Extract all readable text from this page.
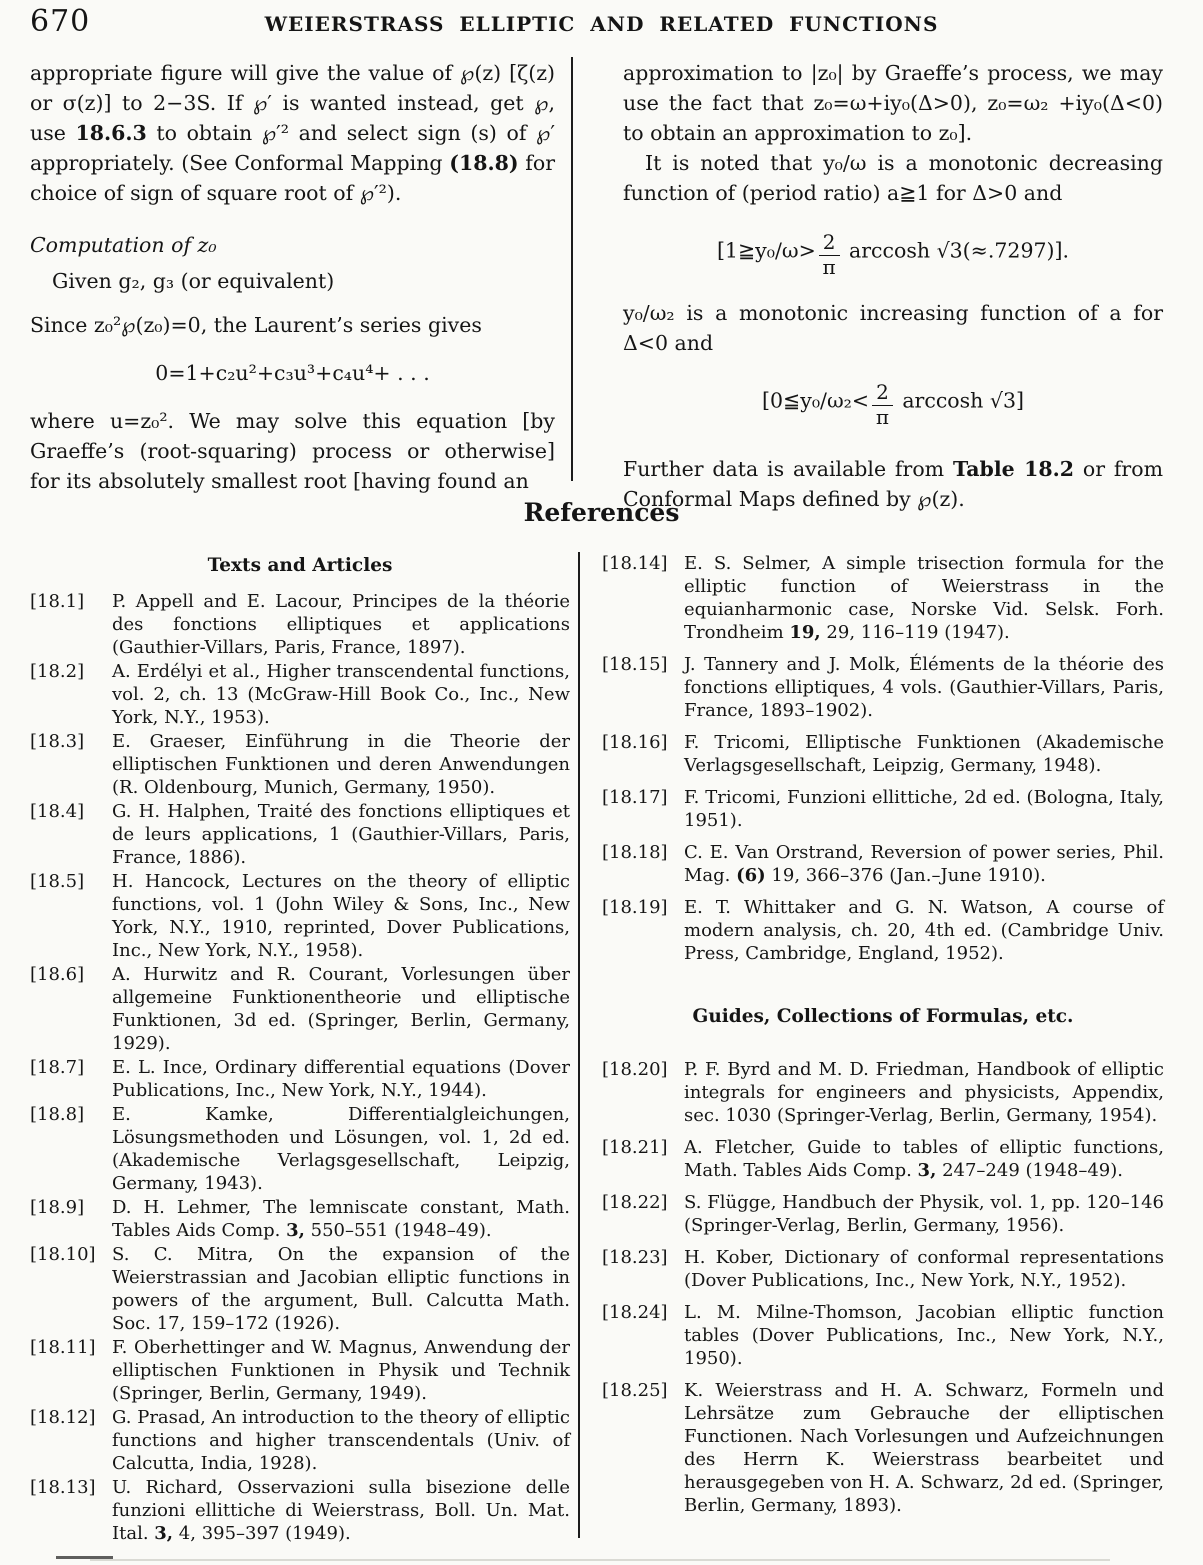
670	WEIERSTRASS ELLIPTIC AND RELATED FUNCTIONS

appropriate figure will give the value of ℘(z) [ζ(z) or σ(z)] to 2−3S. If ℘′ is wanted instead, get ℘, use 18.6.3 to obtain ℘′² and select sign (s) of ℘′ appropriately. (See Conformal Mapping (18.8) for choice of sign of square root of ℘′²).

Computation of z₀

Given g₂, g₃ (or equivalent)

Since z₀²℘(z₀)=0, the Laurent’s series gives

0=1+c₂u²+c₃u³+c₄u⁴+ . . .

where u=z₀². We may solve this equation [by Graeffe’s (root-squaring) process or otherwise] for its absolutely smallest root [having found an

approximation to |z₀| by Graeffe’s process, we may use the fact that z₀=ω+iy₀(Δ>0), z₀=ω₂ +iy₀(Δ<0) to obtain an approximation to z₀].

It is noted that y₀/ω is a monotonic decreasing function of (period ratio) a≧1 for Δ>0 and

[1≧y₀/ω> $\frac{2}{\pi}$ arccosh √3(≈.7297)].

y₀/ω₂ is a monotonic increasing function of a for Δ<0 and

[0≦y₀/ω₂< $\frac{2}{\pi}$ arccosh √3]

Further data is available from Table 18.2 or from Conformal Maps defined by ℘(z).

References
Texts and Articles
[18.1] P. Appell and E. Lacour, Principes de la théorie des fonctions elliptiques et applications (Gauthier-Villars, Paris, France, 1897).
[18.2] A. Erdélyi et al., Higher transcendental functions, vol. 2, ch. 13 (McGraw-Hill Book Co., Inc., New York, N.Y., 1953).
[18.3] E. Graeser, Einführung in die Theorie der elliptischen Funktionen und deren Anwendungen (R. Oldenbourg, Munich, Germany, 1950).
[18.4] G. H. Halphen, Traité des fonctions elliptiques et de leurs applications, 1 (Gauthier-Villars, Paris, France, 1886).
[18.5] H. Hancock, Lectures on the theory of elliptic functions, vol. 1 (John Wiley & Sons, Inc., New York, N.Y., 1910, reprinted, Dover Publications, Inc., New York, N.Y., 1958).
[18.6] A. Hurwitz and R. Courant, Vorlesungen über allgemeine Funktionentheorie und elliptische Funktionen, 3d ed. (Springer, Berlin, Germany, 1929).
[18.7] E. L. Ince, Ordinary differential equations (Dover Publications, Inc., New York, N.Y., 1944).
[18.8] E. Kamke, Differentialgleichungen, Lösungsmethoden und Lösungen, vol. 1, 2d ed. (Akademische Verlagsgesellschaft, Leipzig, Germany, 1943).
[18.9] D. H. Lehmer, The lemniscate constant, Math. Tables Aids Comp. 3, 550–551 (1948–49).
[18.10] S. C. Mitra, On the expansion of the Weierstrassian and Jacobian elliptic functions in powers of the argument, Bull. Calcutta Math. Soc. 17, 159–172 (1926).
[18.11] F. Oberhettinger and W. Magnus, Anwendung der elliptischen Funktionen in Physik und Technik (Springer, Berlin, Germany, 1949).
[18.12] G. Prasad, An introduction to the theory of elliptic functions and higher transcendentals (Univ. of Calcutta, India, 1928).
[18.13] U. Richard, Osservazioni sulla bisezione delle funzioni ellittiche di Weierstrass, Boll. Un. Mat. Ital. 3, 4, 395–397 (1949).
[18.14] E. S. Selmer, A simple trisection formula for the elliptic function of Weierstrass in the equianharmonic case, Norske Vid. Selsk. Forh. Trondheim 19, 29, 116–119 (1947).
[18.15] J. Tannery and J. Molk, Éléments de la théorie des fonctions elliptiques, 4 vols. (Gauthier-Villars, Paris, France, 1893–1902).
[18.16] F. Tricomi, Elliptische Funktionen (Akademische Verlagsgesellschaft, Leipzig, Germany, 1948).
[18.17] F. Tricomi, Funzioni ellittiche, 2d ed. (Bologna, Italy, 1951).
[18.18] C. E. Van Orstrand, Reversion of power series, Phil. Mag. (6) 19, 366–376 (Jan.–June 1910).
[18.19] E. T. Whittaker and G. N. Watson, A course of modern analysis, ch. 20, 4th ed. (Cambridge Univ. Press, Cambridge, England, 1952).
Guides, Collections of Formulas, etc.
[18.20] P. F. Byrd and M. D. Friedman, Handbook of elliptic integrals for engineers and physicists, Appendix, sec. 1030 (Springer-Verlag, Berlin, Germany, 1954).
[18.21] A. Fletcher, Guide to tables of elliptic functions, Math. Tables Aids Comp. 3, 247–249 (1948–49).
[18.22] S. Flügge, Handbuch der Physik, vol. 1, pp. 120–146 (Springer-Verlag, Berlin, Germany, 1956).
[18.23] H. Kober, Dictionary of conformal representations (Dover Publications, Inc., New York, N.Y., 1952).
[18.24] L. M. Milne-Thomson, Jacobian elliptic function tables (Dover Publications, Inc., New York, N.Y., 1950).
[18.25] K. Weierstrass and H. A. Schwarz, Formeln und Lehrsätze zum Gebrauche der elliptischen Functionen. Nach Vorlesungen und Aufzeichnungen des Herrn K. Weierstrass bearbeitet und herausgegeben von H. A. Schwarz, 2d ed. (Springer, Berlin, Germany, 1893).
